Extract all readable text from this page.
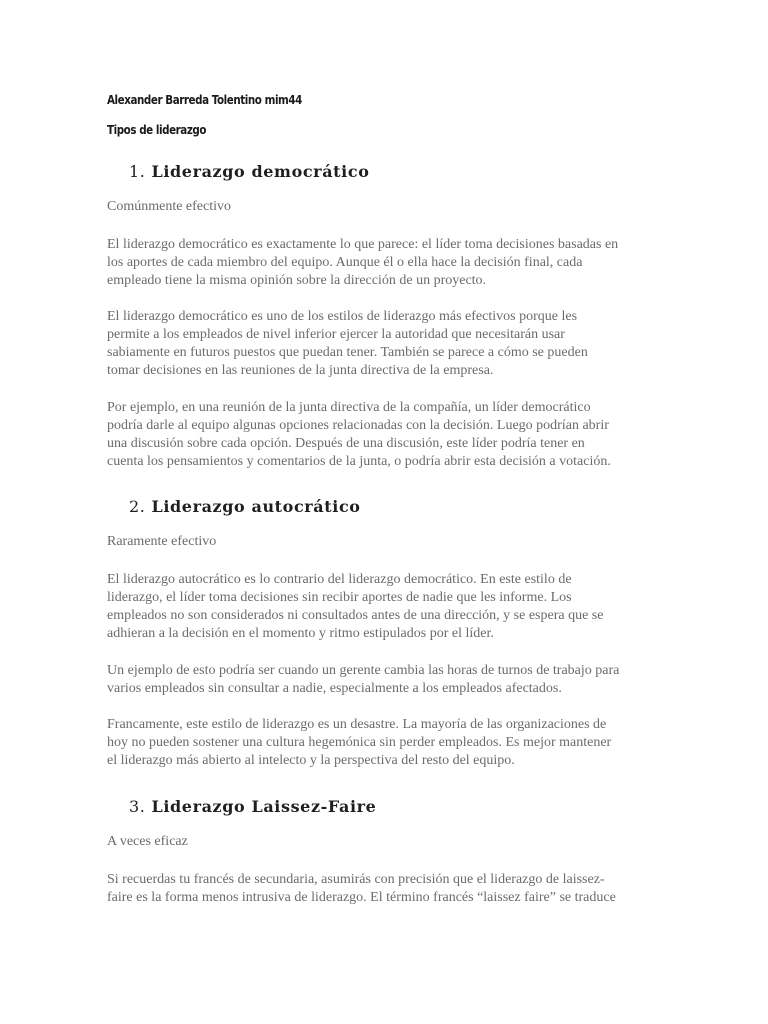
Alexander Barreda Tolentino mim44
Tipos de liderazgo
1. Liderazgo democrático
Comúnmente efectivo
El liderazgo democrático es exactamente lo que parece: el líder toma decisiones basadas en
los aportes de cada miembro del equipo. Aunque él o ella hace la decisión final, cada
empleado tiene la misma opinión sobre la dirección de un proyecto.
El liderazgo democrático es uno de los estilos de liderazgo más efectivos porque les
permite a los empleados de nivel inferior ejercer la autoridad que necesitarán usar
sabiamente en futuros puestos que puedan tener. También se parece a cómo se pueden
tomar decisiones en las reuniones de la junta directiva de la empresa.
Por ejemplo, en una reunión de la junta directiva de la compañía, un líder democrático
podría darle al equipo algunas opciones relacionadas con la decisión. Luego podrían abrir
una discusión sobre cada opción. Después de una discusión, este líder podría tener en
cuenta los pensamientos y comentarios de la junta, o podría abrir esta decisión a votación.
2. Liderazgo autocrático
Raramente efectivo
El liderazgo autocrático es lo contrario del liderazgo democrático. En este estilo de
liderazgo, el líder toma decisiones sin recibir aportes de nadie que les informe. Los
empleados no son considerados ni consultados antes de una dirección, y se espera que se
adhieran a la decisión en el momento y ritmo estipulados por el líder.
Un ejemplo de esto podría ser cuando un gerente cambia las horas de turnos de trabajo para
varios empleados sin consultar a nadie, especialmente a los empleados afectados.
Francamente, este estilo de liderazgo es un desastre. La mayoría de las organizaciones de
hoy no pueden sostener una cultura hegemónica sin perder empleados. Es mejor mantener
el liderazgo más abierto al intelecto y la perspectiva del resto del equipo.
3. Liderazgo Laissez-Faire
A veces eficaz
Si recuerdas tu francés de secundaria, asumirás con precisión que el liderazgo de laissez-
faire es la forma menos intrusiva de liderazgo. El término francés “laissez faire” se traduce
